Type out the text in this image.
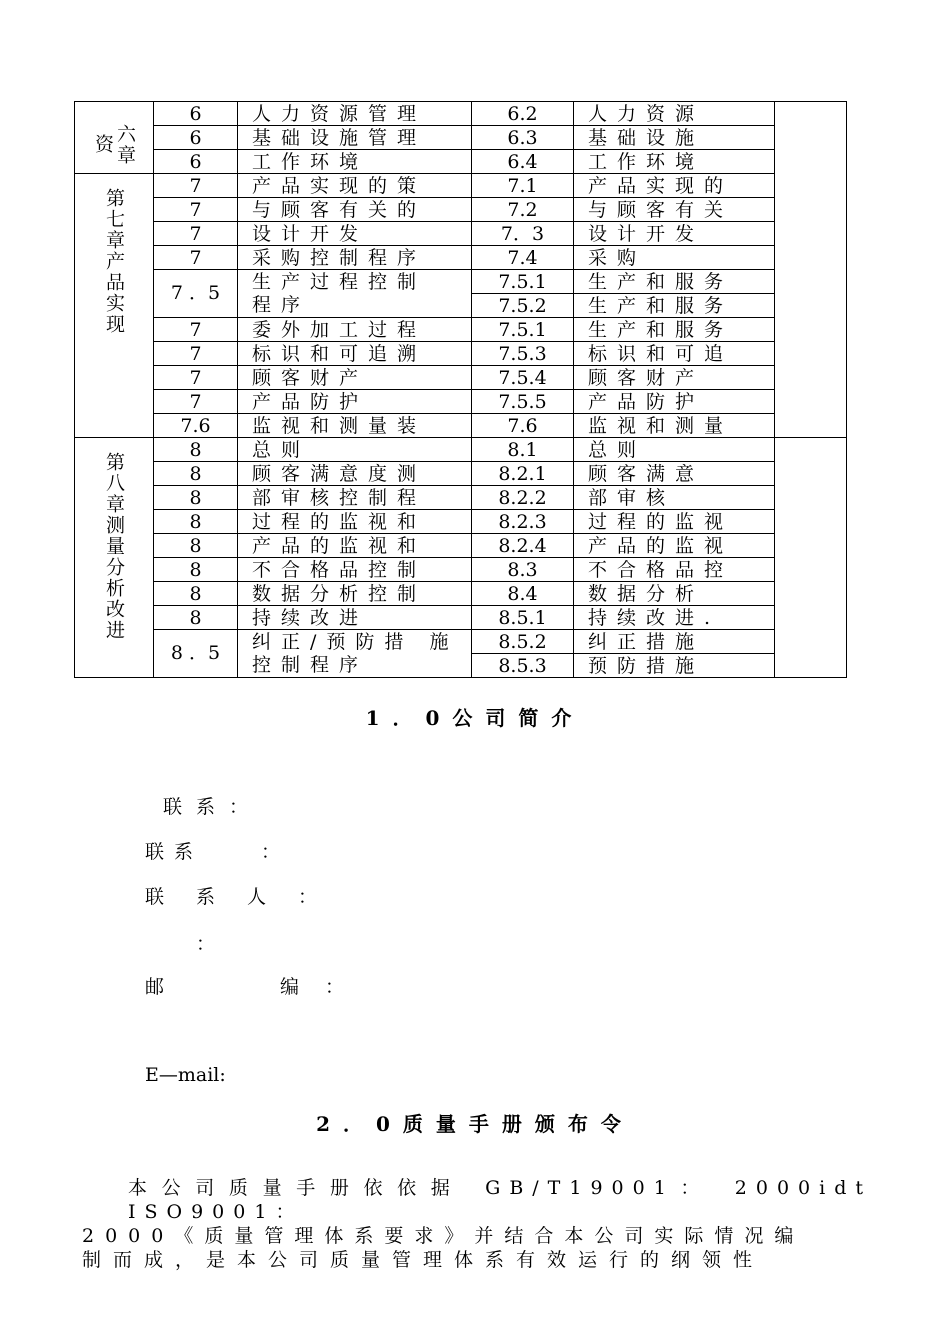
六章资	6	人力资源管理	6.2	人力资源	
	6	基础设施管理	6.3	基础设施	
	6	工作环境	6.4	工作环境	
第七章产品实现	7	产品实现的策	7.1	产品实现的	
	7	与顾客有关的	7.2	与顾客有关	
	7	设计开发	7．3	设计开发	
	7	采购控制程序	7.4	采购	
	7 ．5	生产过程控制 程序	7.5.1	生产和服务	
			7.5.2	生产和服务	
	7	委外加工过程	7.5.1	生产和服务	
	7	标识和可追溯	7.5.3	标识和可追	
	7	顾客财产	7.5.4	顾客财产	
	7	产品防护	7.5.5	产品防护	
	7.6	监视和测量装	7.6	监视和测量	
第八章测量分析改进	8	总则	8.1	总则	
	8	顾客满意度测	8.2.1	顾客满意	
	8	部审核控制程	8.2.2	部审核	
	8	过程的监视和	8.2.3	过程的监视	
	8	产品的监视和	8.2.4	产品的监视	
	8	不合格品控制	8.3	不合格品控	
	8	数据分析控制	8.4	数据分析	
	8	持续改进	8.5.1	持续改进.	
	8 ．5	纠正/预防措 施控制程序	8.5.2	纠正措施	
			8.5.3	预防措施	
1．0公司简介
联系：
联系　　：
联系人：
：
邮　　编：
E—mail:
2．0质量手册颁布令
本公司质量手册依依据 GB/T19001： 2000idt ISO9001：
2000《质量管理体系要求》并结合本公司实际情况编
制而成，是本公司质量管理体系有效运行的纲领性
